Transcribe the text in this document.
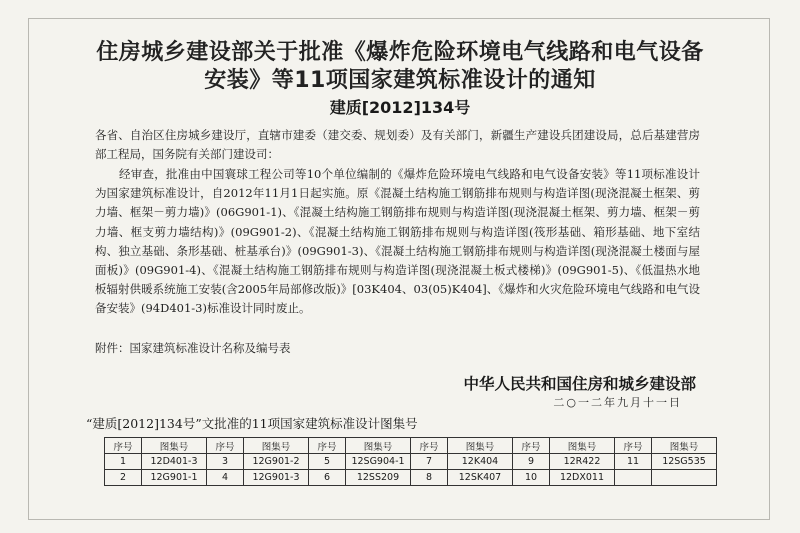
住房城乡建设部关于批准《爆炸危险环境电气线路和电气设备
安装》等11项国家建筑标准设计的通知
建质[2012]134号
各省、自治区住房城乡建设厅，直辖市建委（建交委、规划委）及有关部门，新疆生产建设兵团建设局，总后基建营房部工程局，国务院有关部门建设司：
经审查，批准由中国寰球工程公司等10个单位编制的《爆炸危险环境电气线路和电气设备安装》等11项标准设计为国家建筑标准设计，自2012年11月1日起实施。原《混凝土结构施工钢筋排布规则与构造详图(现浇混凝土框架、剪力墙、框架－剪力墙)》(06G901-1)、《混凝土结构施工钢筋排布规则与构造详图(现浇混凝土框架、剪力墙、框架－剪力墙、框支剪力墙结构)》(09G901-2)、《混凝土结构施工钢筋排布规则与构造详图(筏形基础、箱形基础、地下室结构、独立基础、条形基础、桩基承台)》(09G901-3)、《混凝土结构施工钢筋排布规则与构造详图(现浇混凝土楼面与屋面板)》(09G901-4)、《混凝土结构施工钢筋排布规则与构造详图(现浇混凝土板式楼梯)》(09G901-5)、《低温热水地板辐射供暖系统施工安装(含2005年局部修改版)》[03K404、03(05)K404]、《爆炸和火灾危险环境电气线路和电气设备安装》(94D401-3)标准设计同时废止。
附件：国家建筑标准设计名称及编号表
中华人民共和国住房和城乡建设部
二○一二年九月十一日
“建质[2012]134号”文批准的11项国家建筑标准设计图集号
序号	图集号	序号	图集号	序号	图集号	序号	图集号	序号	图集号	序号	图集号
1	12D401-3	3	12G901-2	5	12SG904-1	7	12K404	9	12R422	11	12SG535
2	12G901-1	4	12G901-3	6	12SS209	8	12SK407	10	12DX011		
